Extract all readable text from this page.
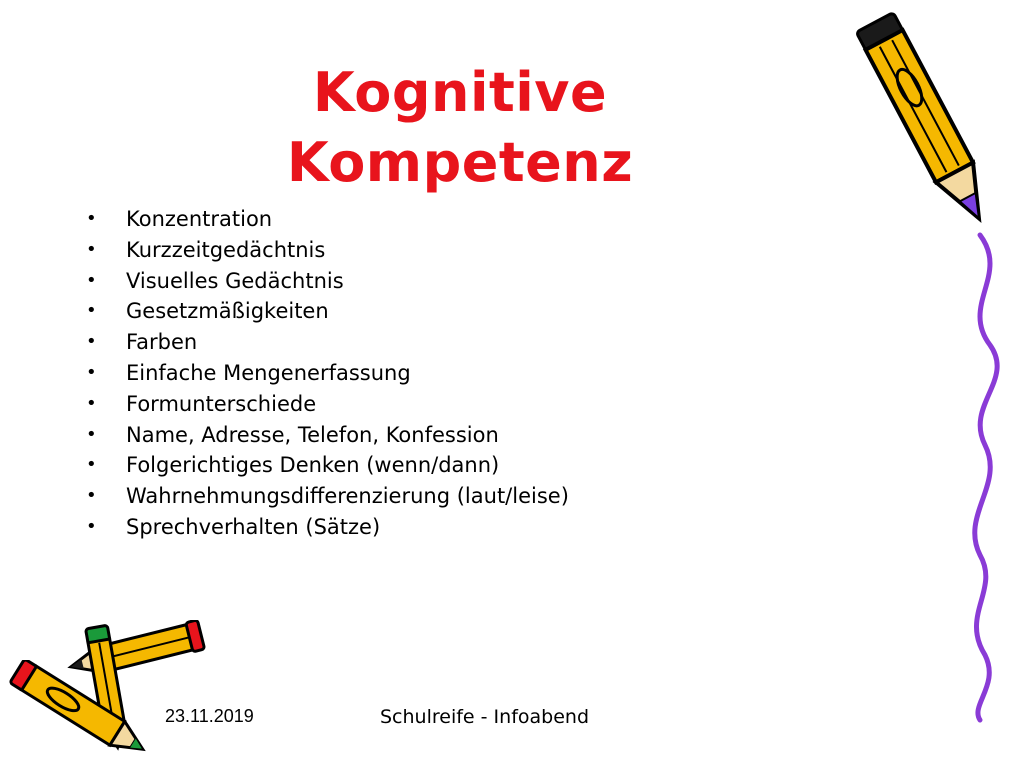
Kognitive Kompetenz
• Konzentration
• Kurzzeitgedächtnis
• Visuelles Gedächtnis
• Gesetzmäßigkeiten
• Farben
• Einfache Mengenerfassung
• Formunterschiede
• Name, Adresse, Telefon, Konfession
• Folgerichtiges Denken (wenn/dann)
• Wahrnehmungsdifferenzierung (laut/leise)
• Sprechverhalten (Sätze)
23.11.2019	Schulreife - Infoabend
